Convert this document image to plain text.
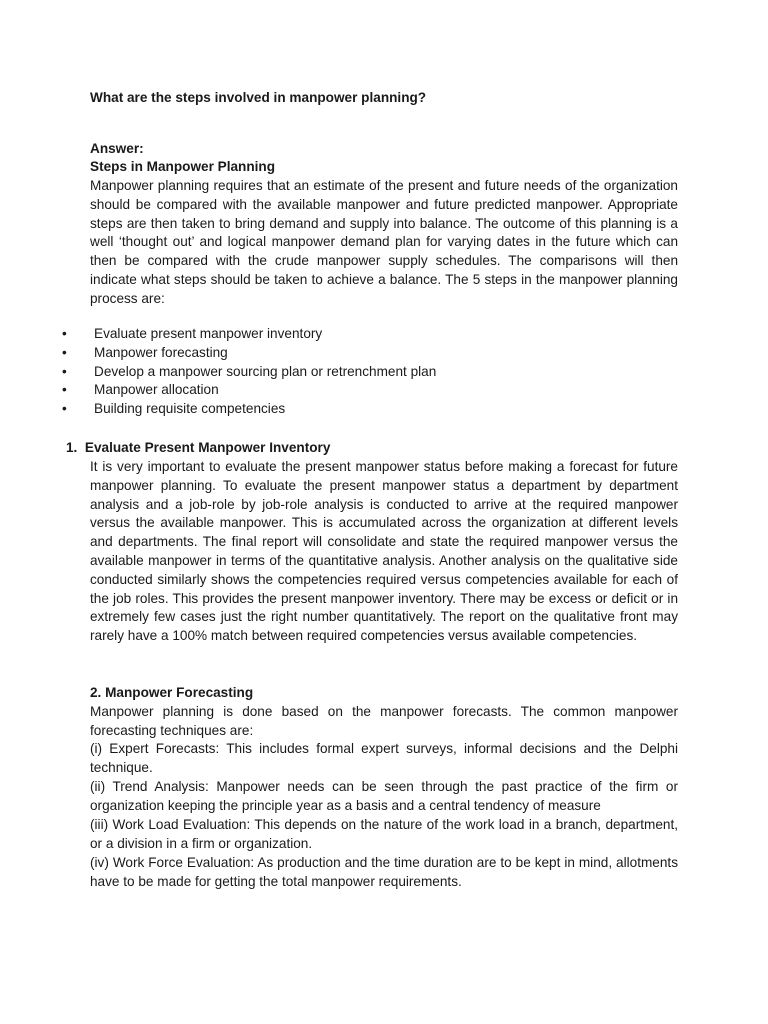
What are the steps involved in manpower planning?
Answer:
Steps in Manpower Planning
Manpower planning requires that an estimate of the present and future needs of the organization should be compared with the available manpower and future predicted manpower. Appropriate steps are then taken to bring demand and supply into balance. The outcome of this planning is a well ‘thought out’ and logical manpower demand plan for varying dates in the future which can then be compared with the crude manpower supply schedules. The comparisons will then indicate what steps should be taken to achieve a balance. The 5 steps in the manpower planning process are:
• Evaluate present manpower inventory
• Manpower forecasting
• Develop a manpower sourcing plan or retrenchment plan
• Manpower allocation
• Building requisite competencies
1.  Evaluate Present Manpower Inventory
It is very important to evaluate the present manpower status before making a forecast for future manpower planning. To evaluate the present manpower status a department by department analysis and a job-role by job-role analysis is conducted to arrive at the required manpower versus the available manpower. This is accumulated across the organization at different levels and departments. The final report will consolidate and state the required manpower versus the available manpower in terms of the quantitative analysis. Another analysis on the qualitative side conducted similarly shows the competencies required versus competencies available for each of the job roles. This provides the present manpower inventory. There may be excess or deficit or in extremely few cases just the right number quantitatively. The report on the qualitative front may rarely have a 100% match between required competencies versus available competencies.
2. Manpower Forecasting
Manpower planning is done based on the manpower forecasts. The common manpower forecasting techniques are:
(i) Expert Forecasts: This includes formal expert surveys, informal decisions and the Delphi technique.
(ii) Trend Analysis: Manpower needs can be seen through the past practice of the firm or organization keeping the principle year as a basis and a central tendency of measure
(iii) Work Load Evaluation: This depends on the nature of the work load in a branch, department, or a division in a firm or organization.
(iv) Work Force Evaluation: As production and the time duration are to be kept in mind, allotments have to be made for getting the total manpower requirements.
